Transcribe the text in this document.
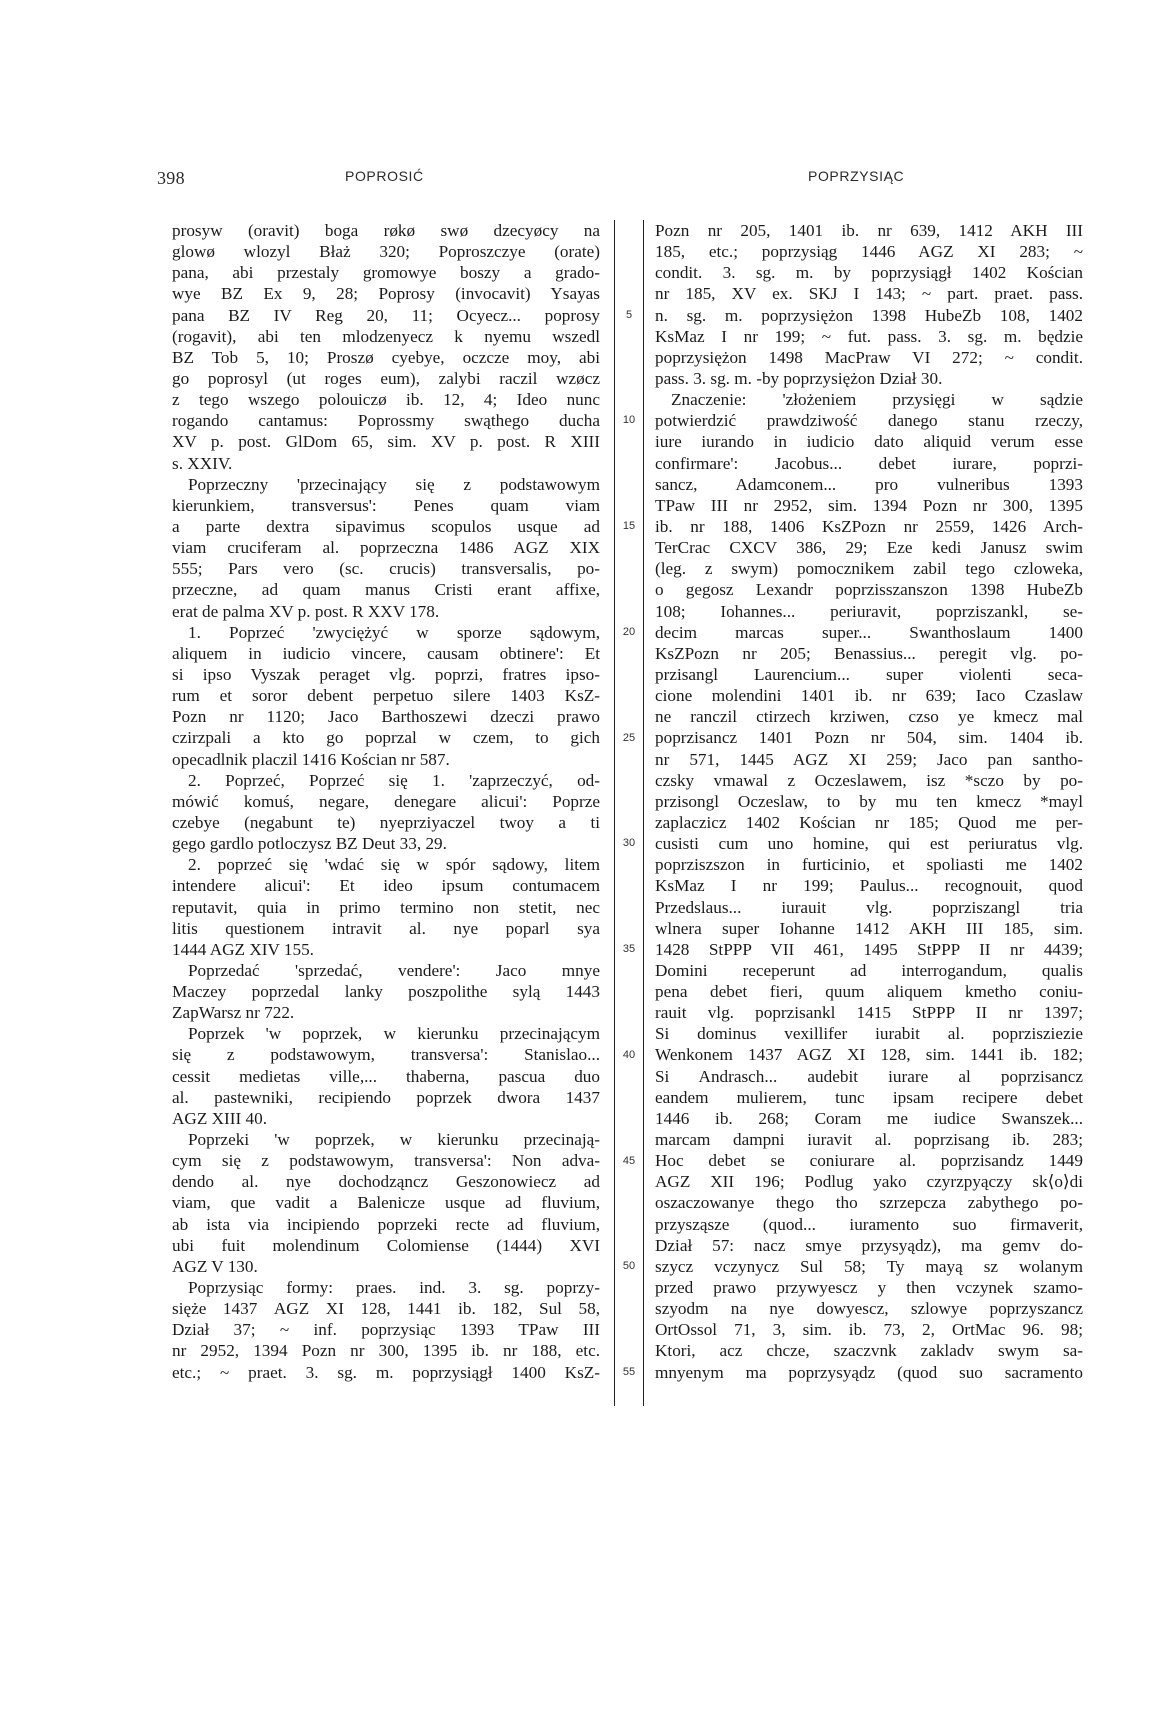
398	POPROSIĆ	POPRZYSIĄC
prosyw (oravit) boga røkø swø dzecyøcy na
glowø wlozyl Błaż 320; Poproszczye (orate)
pana, abi przestaly gromowye boszy a grado-
wye BZ Ex 9, 28; Poprosy (invocavit) Ysayas
pana BZ IV Reg 20, 11; Ocyecz... poprosy
(rogavit), abi ten mlodzenyecz k nyemu wszedl
BZ Tob 5, 10; Proszø cyebye, oczcze moy, abi
go poprosyl (ut roges eum), zalybi raczil wzøcz
z tego wszego polouiczø ib. 12, 4; Ideo nunc
rogando cantamus: Poprossmy swąthego ducha
XV p. post. GlDom 65, sim. XV p. post. R XIII
s. XXIV.
Poprzeczny 'przecinający się z podstawowym
kierunkiem, transversus': Penes quam viam
a parte dextra sipavimus scopulos usque ad
viam cruciferam al. poprzeczna 1486 AGZ XIX
555; Pars vero (sc. crucis) transversalis, po-
przeczne, ad quam manus Cristi erant affixe,
erat de palma XV p. post. R XXV 178.
1. Poprzeć 'zwyciężyć w sporze sądowym,
aliquem in iudicio vincere, causam obtinere': Et
si ipso Vyszak peraget vlg. poprzi, fratres ipso-
rum et soror debent perpetuo silere 1403 KsZ-
Pozn nr 1120; Jaco Barthoszewi dzeczi prawo
czirzpali a kto go poprzal w czem, to gich
opecadlnik placzil 1416 Kościan nr 587.
2. Poprzeć, Poprzeć się 1. 'zaprzeczyć, od-
mówić komuś, negare, denegare alicui': Poprze
czebye (negabunt te) nyeprziyaczel twoy a ti
gego gardlo potloczysz BZ Deut 33, 29.
2. poprzeć się 'wdać się w spór sądowy, litem
intendere alicui': Et ideo ipsum contumacem
reputavit, quia in primo termino non stetit, nec
litis questionem intravit al. nye poparl sya
1444 AGZ XIV 155.
Poprzedać 'sprzedać, vendere': Jaco mnye
Maczey poprzedal lanky poszpolithe sylą 1443
ZapWarsz nr 722.
Poprzek 'w poprzek, w kierunku przecinającym
się z podstawowym, transversa': Stanislao...
cessit medietas ville,... thaberna, pascua duo
al. pastewniki, recipiendo poprzek dwora 1437
AGZ XIII 40.
Poprzeki 'w poprzek, w kierunku przecinają-
cym się z podstawowym, transversa': Non adva-
dendo al. nye dochodząncz Geszonowiecz ad
viam, que vadit a Balenicze usque ad fluvium,
ab ista via incipiendo poprzeki recte ad fluvium,
ubi fuit molendinum Colomiense (1444) XVI
AGZ V 130.
Poprzysiąc formy: praes. ind. 3. sg. poprzy-
siężе 1437 AGZ XI 128, 1441 ib. 182, Sul 58,
Dział 37; ~ inf. poprzysiąc 1393 TPaw III
nr 2952, 1394 Pozn nr 300, 1395 ib. nr 188, etc.
etc.; ~ praet. 3. sg. m. poprzysiągł 1400 KsZ-
5
10
15
20
25
30
35
40
45
50
55
Pozn nr 205, 1401 ib. nr 639, 1412 AKH III
185, etc.; poprzysiąg 1446 AGZ XI 283; ~
condit. 3. sg. m. by poprzysiągł 1402 Kościan
nr 185, XV ex. SKJ I 143; ~ part. praet. pass.
n. sg. m. poprzysiężon 1398 HubeZb 108, 1402
KsMaz I nr 199; ~ fut. pass. 3. sg. m. będzie
poprzysiężon 1498 MacPraw VI 272; ~ condit.
pass. 3. sg. m. -by poprzysiężon Dział 30.
Znaczenie: 'złożeniem przysięgi w sądzie
potwierdzić prawdziwość danego stanu rzeczy,
iure iurando in iudicio dato aliquid verum esse
confirmare': Jacobus... debet iurare, poprzi-
sancz, Adamconem... pro vulneribus 1393
TPaw III nr 2952, sim. 1394 Pozn nr 300, 1395
ib. nr 188, 1406 KsZPozn nr 2559, 1426 Arch-
TerCrac CXCV 386, 29; Eze kedi Janusz swim
(leg. z swym) pomocznikem zabil tego czloweka,
o gegosz Lexandr poprzisszanszon 1398 HubeZb
108; Iohannes... periuravit, poprziszankl, se-
decim marcas super... Swanthoslaum 1400
KsZPozn nr 205; Benassius... peregit vlg. po-
przisangl Laurencium... super violenti seca-
cione molendini 1401 ib. nr 639; Iaco Czaslaw
ne ranczil ctirzech krziwen, czso ye kmecz mal
poprzisancz 1401 Pozn nr 504, sim. 1404 ib.
nr 571, 1445 AGZ XI 259; Jaco pan santho-
czsky vmawal z Oczeslawem, isz *sczo by po-
przisongl Oczeslaw, to by mu ten kmecz *mayl
zaplaczicz 1402 Kościan nr 185; Quod me per-
cusisti cum uno homine, qui est periuratus vlg.
poprziszszon in furticinio, et spoliasti me 1402
KsMaz I nr 199; Paulus... recognouit, quod
Przedslaus... iurauit vlg. poprziszangl tria
wlnera super Iohanne 1412 AKH III 185, sim.
1428 StPPP VII 461, 1495 StPPP II nr 4439;
Domini receperunt ad interrogandum, qualis
pena debet fieri, quum aliquem kmetho coniu-
rauit vlg. poprzisankl 1415 StPPP II nr 1397;
Si dominus vexillifer iurabit al. poprzisziezie
Wenkonem 1437 AGZ XI 128, sim. 1441 ib. 182;
Si Andrasch... audebit iurare al poprzisancz
eandem mulierem, tunc ipsam recipere debet
1446 ib. 268; Coram me iudice Swanszek...
marcam dampni iuravit al. poprzisang ib. 283;
Hoc debet se coniurare al. poprzisandz 1449
AGZ XII 196; Podlug yako czyrzpyączy sk⟨o⟩di
oszaczowanye thego tho szrzepcza zabythego po-
przysząsze (quod... iuramento suo firmaverit,
Dział 57: nacz smye przysyądz), ma gemv do-
szycz vczynycz Sul 58; Ty mayą sz wolanym
przed prawo przywyescz y then vczynek szamo-
szyodm na nye dowyescz, szlowye poprzyszancz
OrtOssol 71, 3, sim. ib. 73, 2, OrtMac 96. 98;
Ktori, acz chcze, szaczvnk zakladv swym sa-
mnyenym ma poprzysyądz (quod suo sacramento
